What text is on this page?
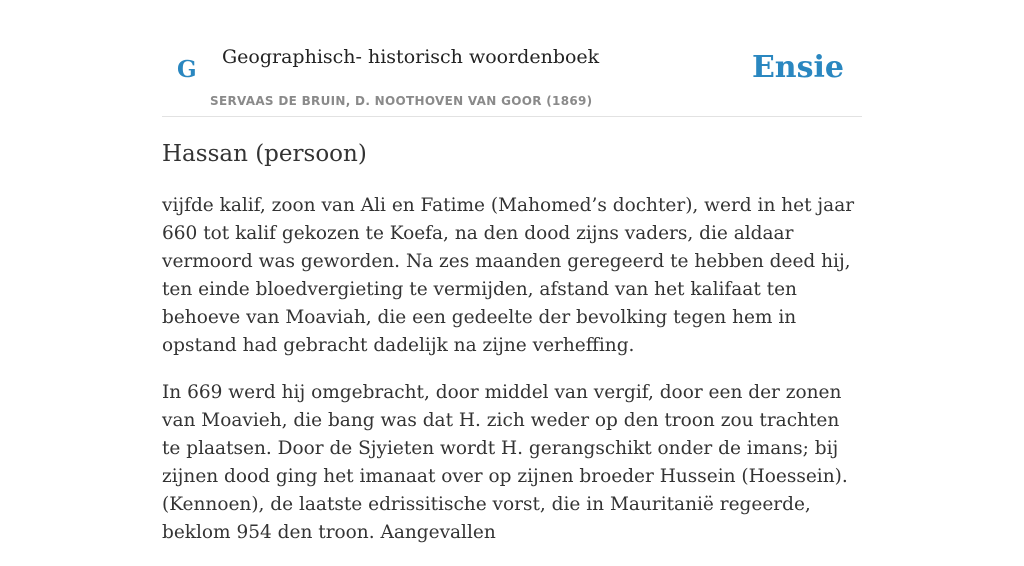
G Geographisch- historisch woordenboek
SERVAAS DE BRUIN, D. NOOTHOVEN VAN GOOR (1869)
Ensie
Hassan (persoon)

vijfde kalif, zoon van Ali en Fatime (Mahomed’s dochter), werd in het jaar 660 tot kalif gekozen te Koefa, na den dood zijns vaders, die aldaar vermoord was geworden. Na zes maanden geregeerd te hebben deed hij, ten einde bloedvergieting te vermijden, afstand van het kalifaat ten behoeve van Moaviah, die een gedeelte der bevolking tegen hem in opstand had gebracht dadelijk na zijne verheffing.

In 669 werd hij omgebracht, door middel van vergif, door een der zonen van Moavieh, die bang was dat H. zich weder op den troon zou trachten te plaatsen. Door de Sjyieten wordt H. gerangschikt onder de imans; bij zijnen dood ging het imanaat over op zijnen broeder Hussein (Hoessein).(Kennoen), de laatste edrissitische vorst, die in Mauritanië regeerde, beklom 954 den troon. Aangevallen
